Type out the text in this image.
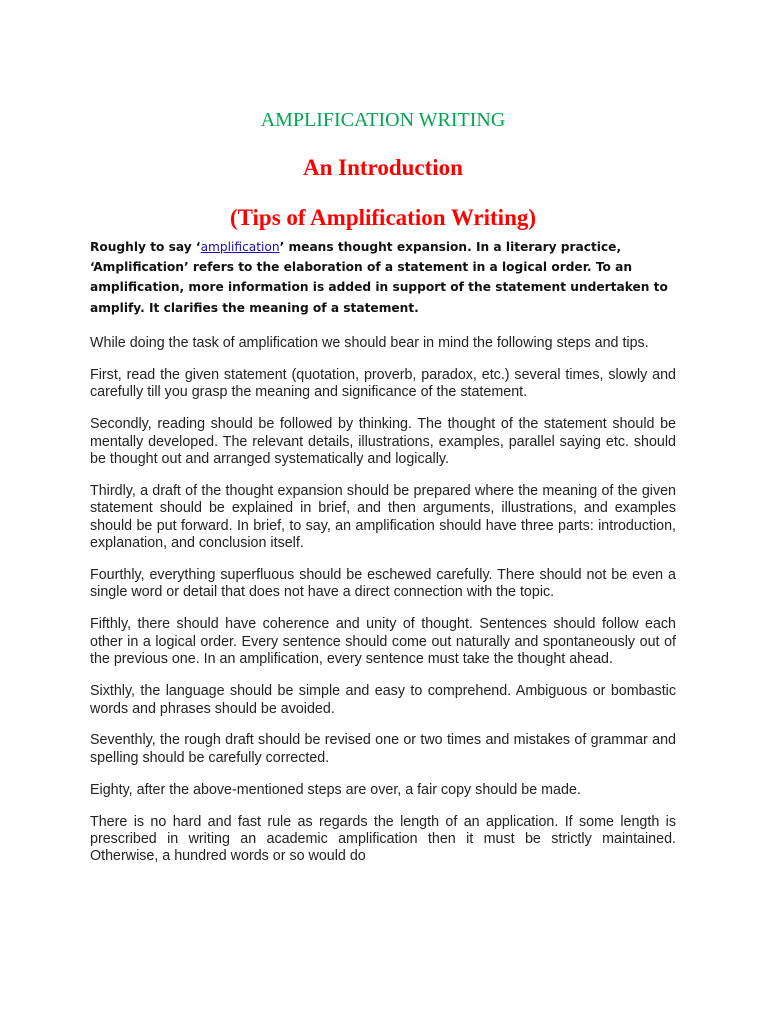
AMPLIFICATION WRITING
An Introduction
(Tips of Amplification Writing)

Roughly to say ‘amplification’ means thought expansion. In a literary practice, ‘Amplification’ refers to the elaboration of a statement in a logical order. To an amplification, more information is added in support of the statement undertaken to amplify. It clarifies the meaning of a statement.

While doing the task of amplification we should bear in mind the following steps and tips.

First, read the given statement (quotation, proverb, paradox, etc.) several times, slowly and carefully till you grasp the meaning and significance of the statement.

Secondly, reading should be followed by thinking. The thought of the statement should be mentally developed. The relevant details, illustrations, examples, parallel saying etc. should be thought out and arranged systematically and logically.

Thirdly, a draft of the thought expansion should be prepared where the meaning of the given statement should be explained in brief, and then arguments, illustrations, and examples should be put forward. In brief, to say, an amplification should have three parts: introduction, explanation, and conclusion itself.

Fourthly, everything superfluous should be eschewed carefully. There should not be even a single word or detail that does not have a direct connection with the topic.

Fifthly, there should have coherence and unity of thought. Sentences should follow each other in a logical order. Every sentence should come out naturally and spontaneously out of the previous one. In an amplification, every sentence must take the thought ahead.

Sixthly, the language should be simple and easy to comprehend. Ambiguous or bombastic words and phrases should be avoided.

Seventhly, the rough draft should be revised one or two times and mistakes of grammar and spelling should be carefully corrected.

Eighty, after the above-mentioned steps are over, a fair copy should be made.

There is no hard and fast rule as regards the length of an application. If some length is prescribed in writing an academic amplification then it must be strictly maintained. Otherwise, a hundred words or so would do
